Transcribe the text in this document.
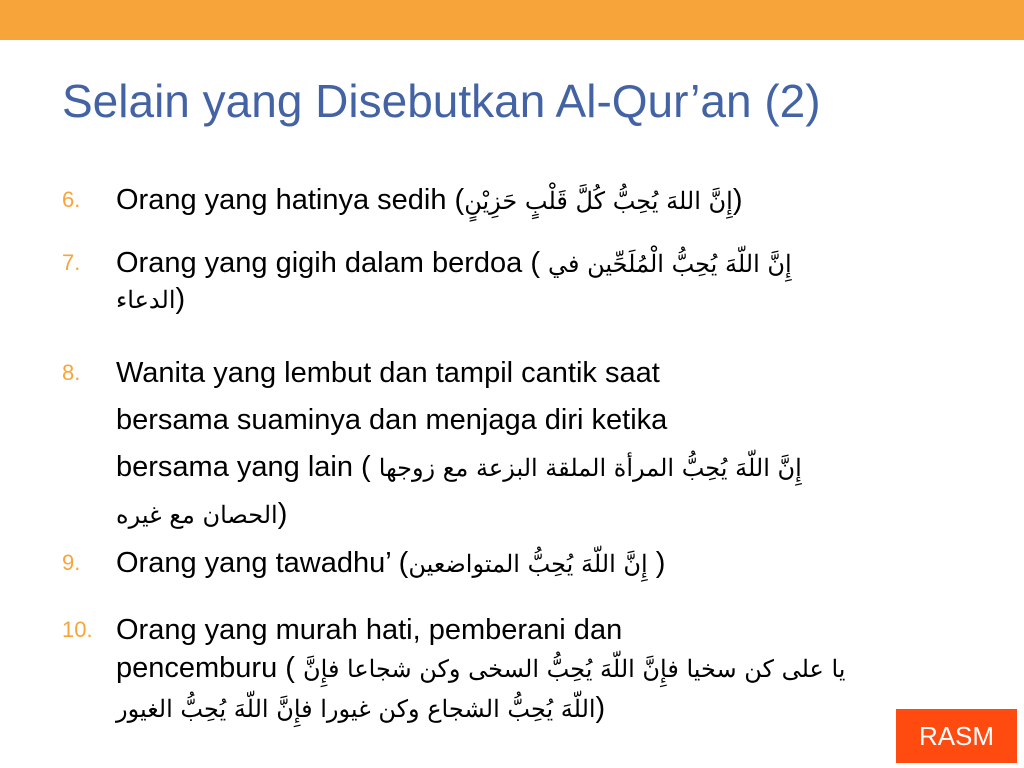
Selain yang Disebutkan Al-Qur’an (2)
6. Orang yang hatinya sedih (إِنَّ اللهَ يُحِبُّ كُلَّ قَلْبٍ حَزِيْنٍ)
7. Orang yang gigih dalam berdoa ( إِنَّ اللّهَ يُحِبُّ الْمُلَحِّين في
الدعاء)
8. Wanita yang lembut dan tampil cantik saat
bersama suaminya dan menjaga diri ketika
bersama yang lain ( إِنَّ اللّهَ يُحِبُّ المرأة الملقة البزعة مع زوجها
الحصان مع غيره)
9. Orang yang tawadhu’ (إِنَّ اللّهَ يُحِبُّ المتواضعين )
10. Orang yang murah hati, pemberani dan
pencemburu ( يا على كن سخيا فإِنَّ اللّهَ يُحِبُّ السخى وكن شجاعا فإِنَّ
اللّهَ يُحِبُّ الشجاع وكن غيورا فإِنَّ اللّهَ يُحِبُّ الغيور)
RASM
